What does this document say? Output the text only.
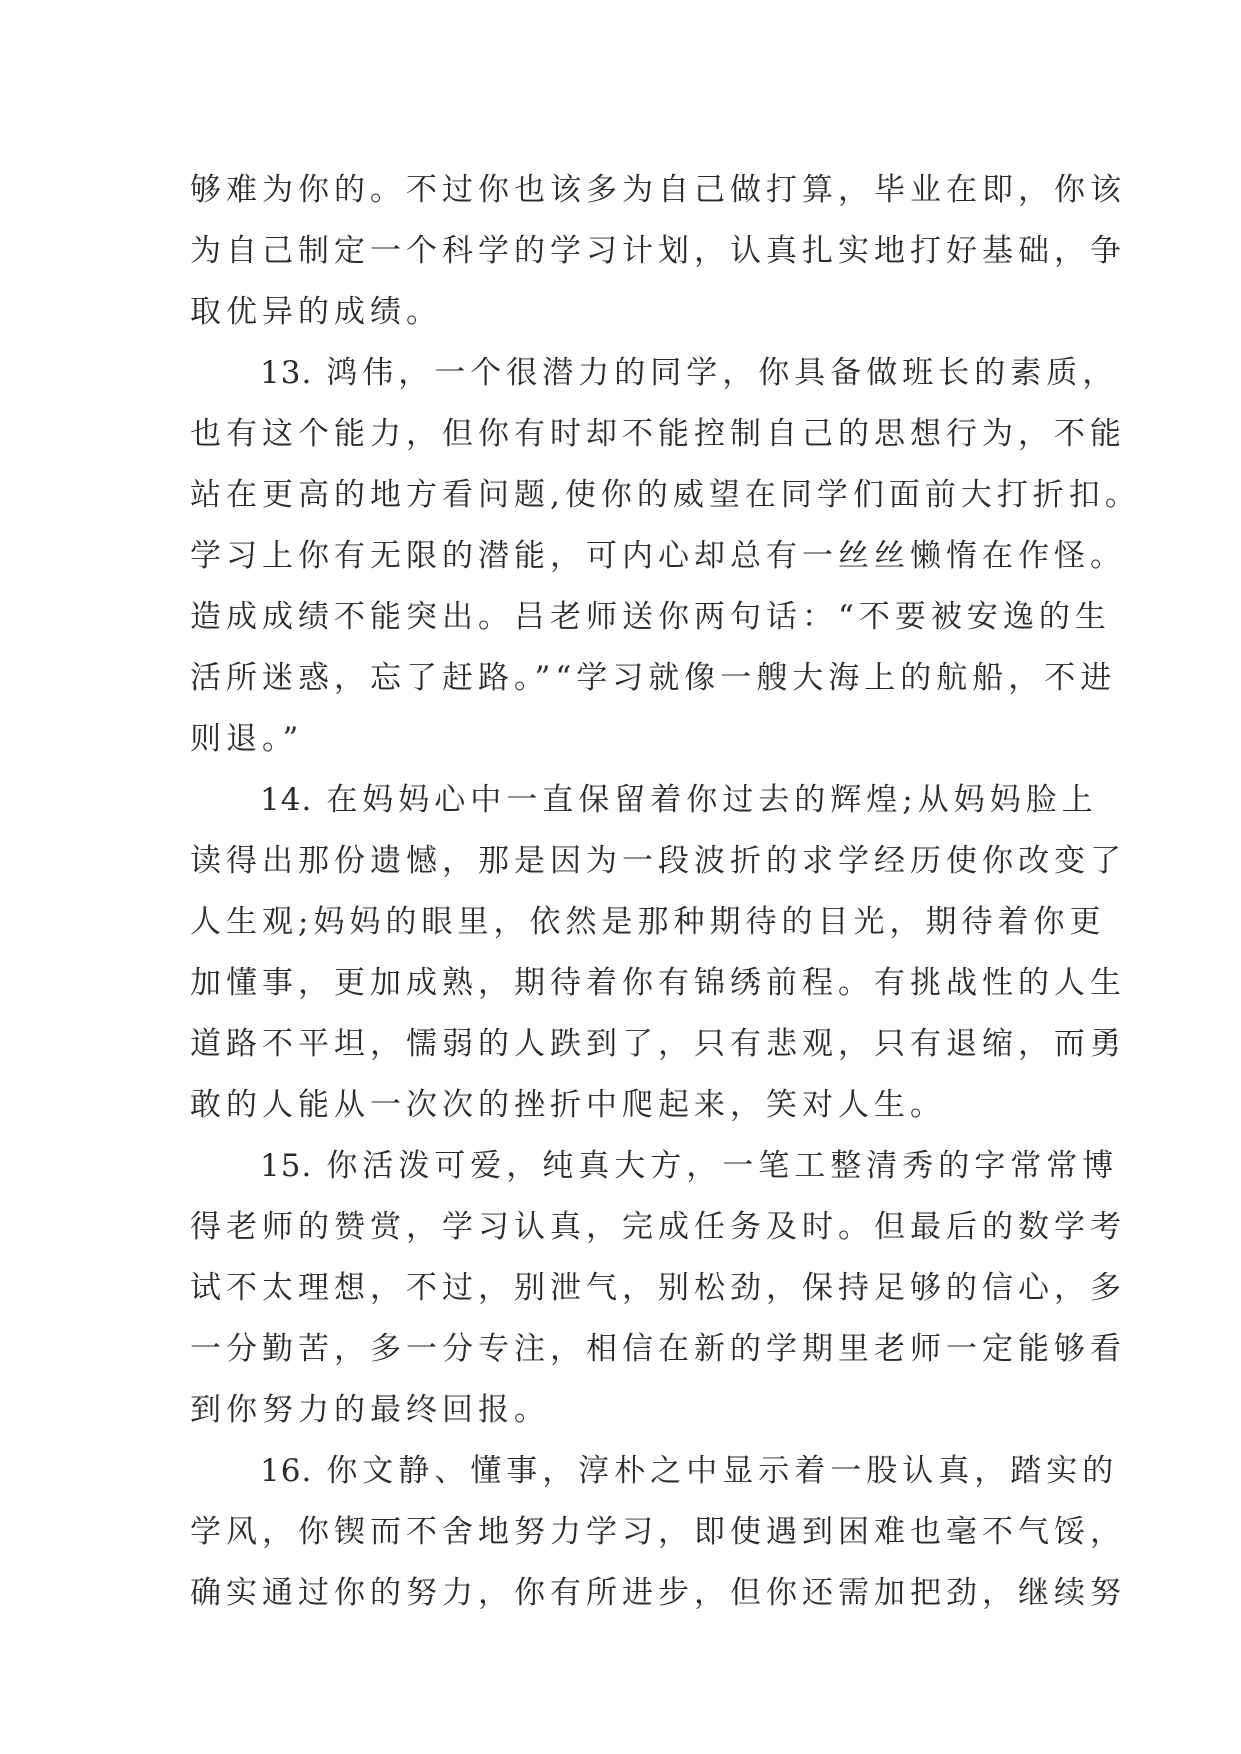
够难为你的。不过你也该多为自己做打算，毕业在即，你该
为自己制定一个科学的学习计划，认真扎实地打好基础，争
取优异的成绩。
13. 鸿伟，一个很潜力的同学，你具备做班长的素质，
也有这个能力，但你有时却不能控制自己的思想行为，不能
站在更高的地方看问题,使你的威望在同学们面前大打折扣。
学习上你有无限的潜能，可内心却总有一丝丝懒惰在作怪。
造成成绩不能突出。吕老师送你两句话：“不要被安逸的生
活所迷惑，忘了赶路。”“学习就像一艘大海上的航船，不进
则退。”
14. 在妈妈心中一直保留着你过去的辉煌;从妈妈脸上
读得出那份遗憾，那是因为一段波折的求学经历使你改变了
人生观;妈妈的眼里，依然是那种期待的目光，期待着你更
加懂事，更加成熟，期待着你有锦绣前程。有挑战性的人生
道路不平坦，懦弱的人跌到了，只有悲观，只有退缩，而勇
敢的人能从一次次的挫折中爬起来，笑对人生。
15. 你活泼可爱，纯真大方，一笔工整清秀的字常常博
得老师的赞赏，学习认真，完成任务及时。但最后的数学考
试不太理想，不过，别泄气，别松劲，保持足够的信心，多
一分勤苦，多一分专注，相信在新的学期里老师一定能够看
到你努力的最终回报。
16. 你文静、懂事，淳朴之中显示着一股认真，踏实的
学风，你锲而不舍地努力学习，即使遇到困难也毫不气馁，
确实通过你的努力，你有所进步，但你还需加把劲，继续努
